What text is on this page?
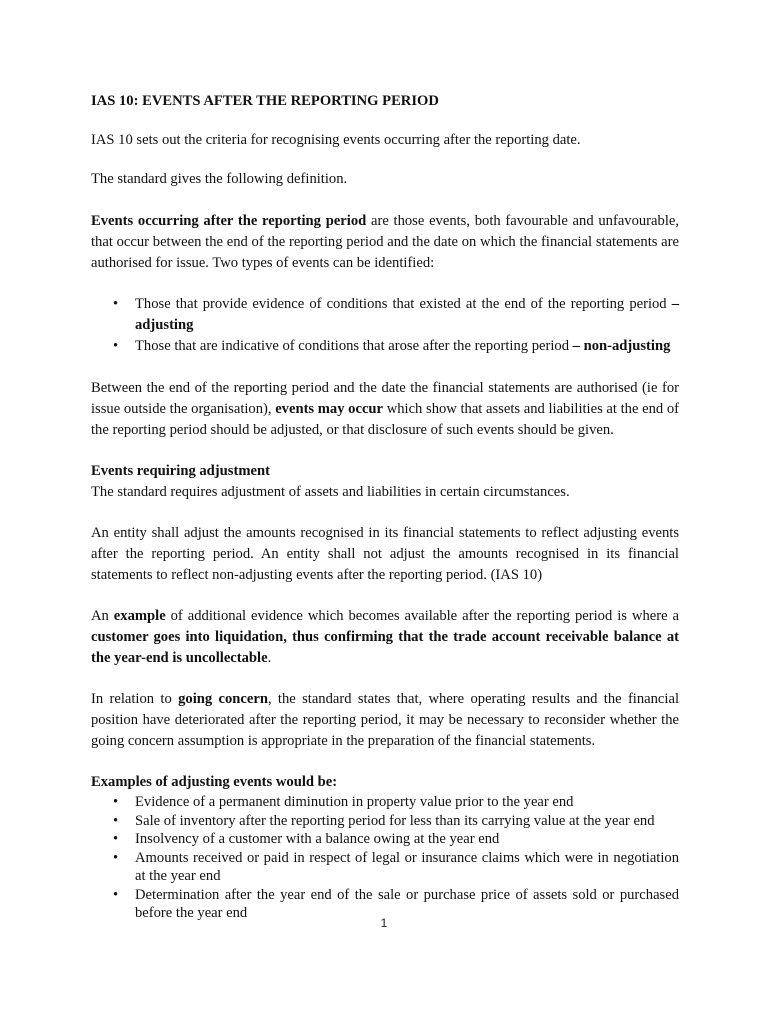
IAS 10: EVENTS AFTER THE REPORTING PERIOD

IAS 10 sets out the criteria for recognising events occurring after the reporting date.

The standard gives the following definition.

Events occurring after the reporting period are those events, both favourable and unfavourable, that occur between the end of the reporting period and the date on which the financial statements are authorised for issue. Two types of events can be identified:

• Those that provide evidence of conditions that existed at the end of the reporting period – adjusting
• Those that are indicative of conditions that arose after the reporting period – non-adjusting

Between the end of the reporting period and the date the financial statements are authorised (ie for issue outside the organisation), events may occur which show that assets and liabilities at the end of the reporting period should be adjusted, or that disclosure of such events should be given.

Events requiring adjustment

The standard requires adjustment of assets and liabilities in certain circumstances.

An entity shall adjust the amounts recognised in its financial statements to reflect adjusting events after the reporting period. An entity shall not adjust the amounts recognised in its financial statements to reflect non-adjusting events after the reporting period. (IAS 10)

An example of additional evidence which becomes available after the reporting period is where a customer goes into liquidation, thus confirming that the trade account receivable balance at the year-end is uncollectable.

In relation to going concern, the standard states that, where operating results and the financial position have deteriorated after the reporting period, it may be necessary to reconsider whether the going concern assumption is appropriate in the preparation of the financial statements.

Examples of adjusting events would be:
• Evidence of a permanent diminution in property value prior to the year end
• Sale of inventory after the reporting period for less than its carrying value at the year end
• Insolvency of a customer with a balance owing at the year end
• Amounts received or paid in respect of legal or insurance claims which were in negotiation at the year end
• Determination after the year end of the sale or purchase price of assets sold or purchased before the year end
1
